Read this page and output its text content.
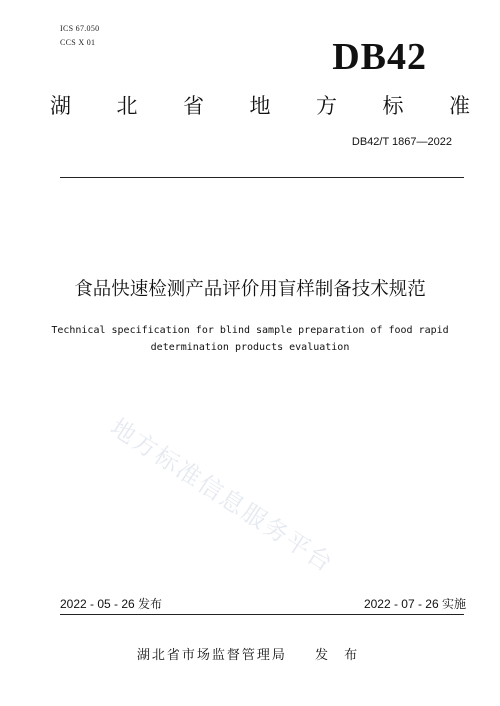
ICS 67.050
CCS X 01	DB42
湖 北 省 地 方 标 准
DB42/T 1867—2022
食品快速检测产品评价用盲样制备技术规范
Technical specification for blind sample preparation of food rapid
determination products evaluation
地方标准信息服务平台
2022 - 05 - 26 发布	2022 - 07 - 26 实施
湖北省市场监督管理局 发 布
